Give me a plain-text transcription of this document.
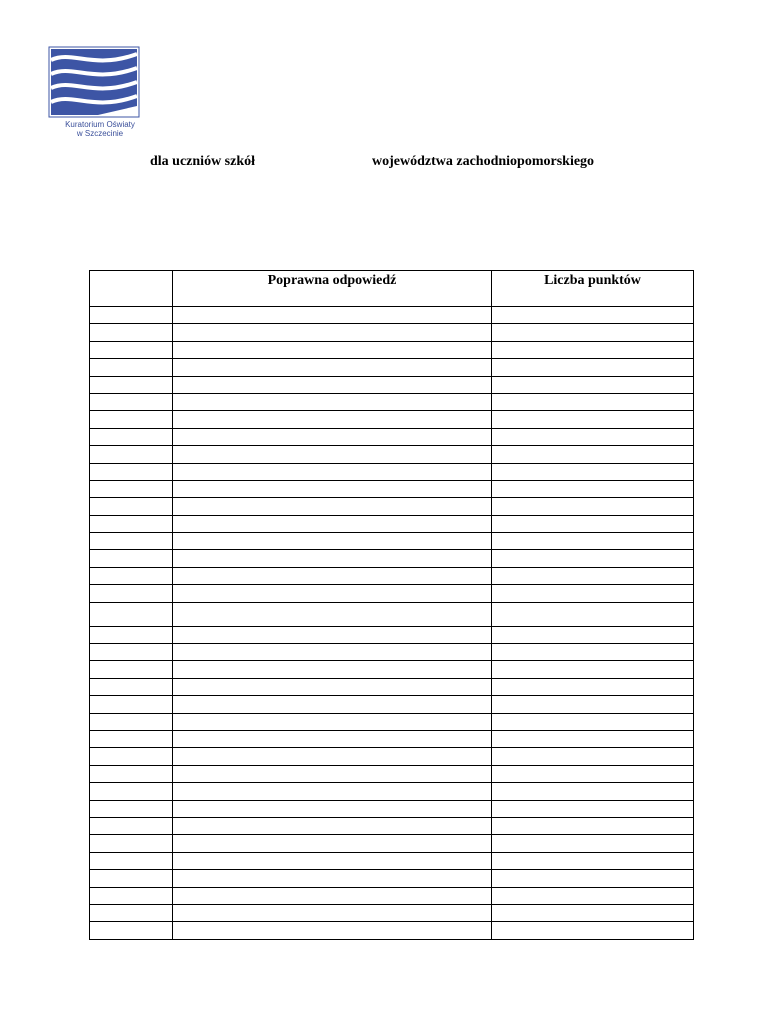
Kuratorium Oświaty
w Szczecinie
dla uczniów szkół	województwa zachodniopomorskiego
	Poprawna odpowiedź	Liczba punktów
